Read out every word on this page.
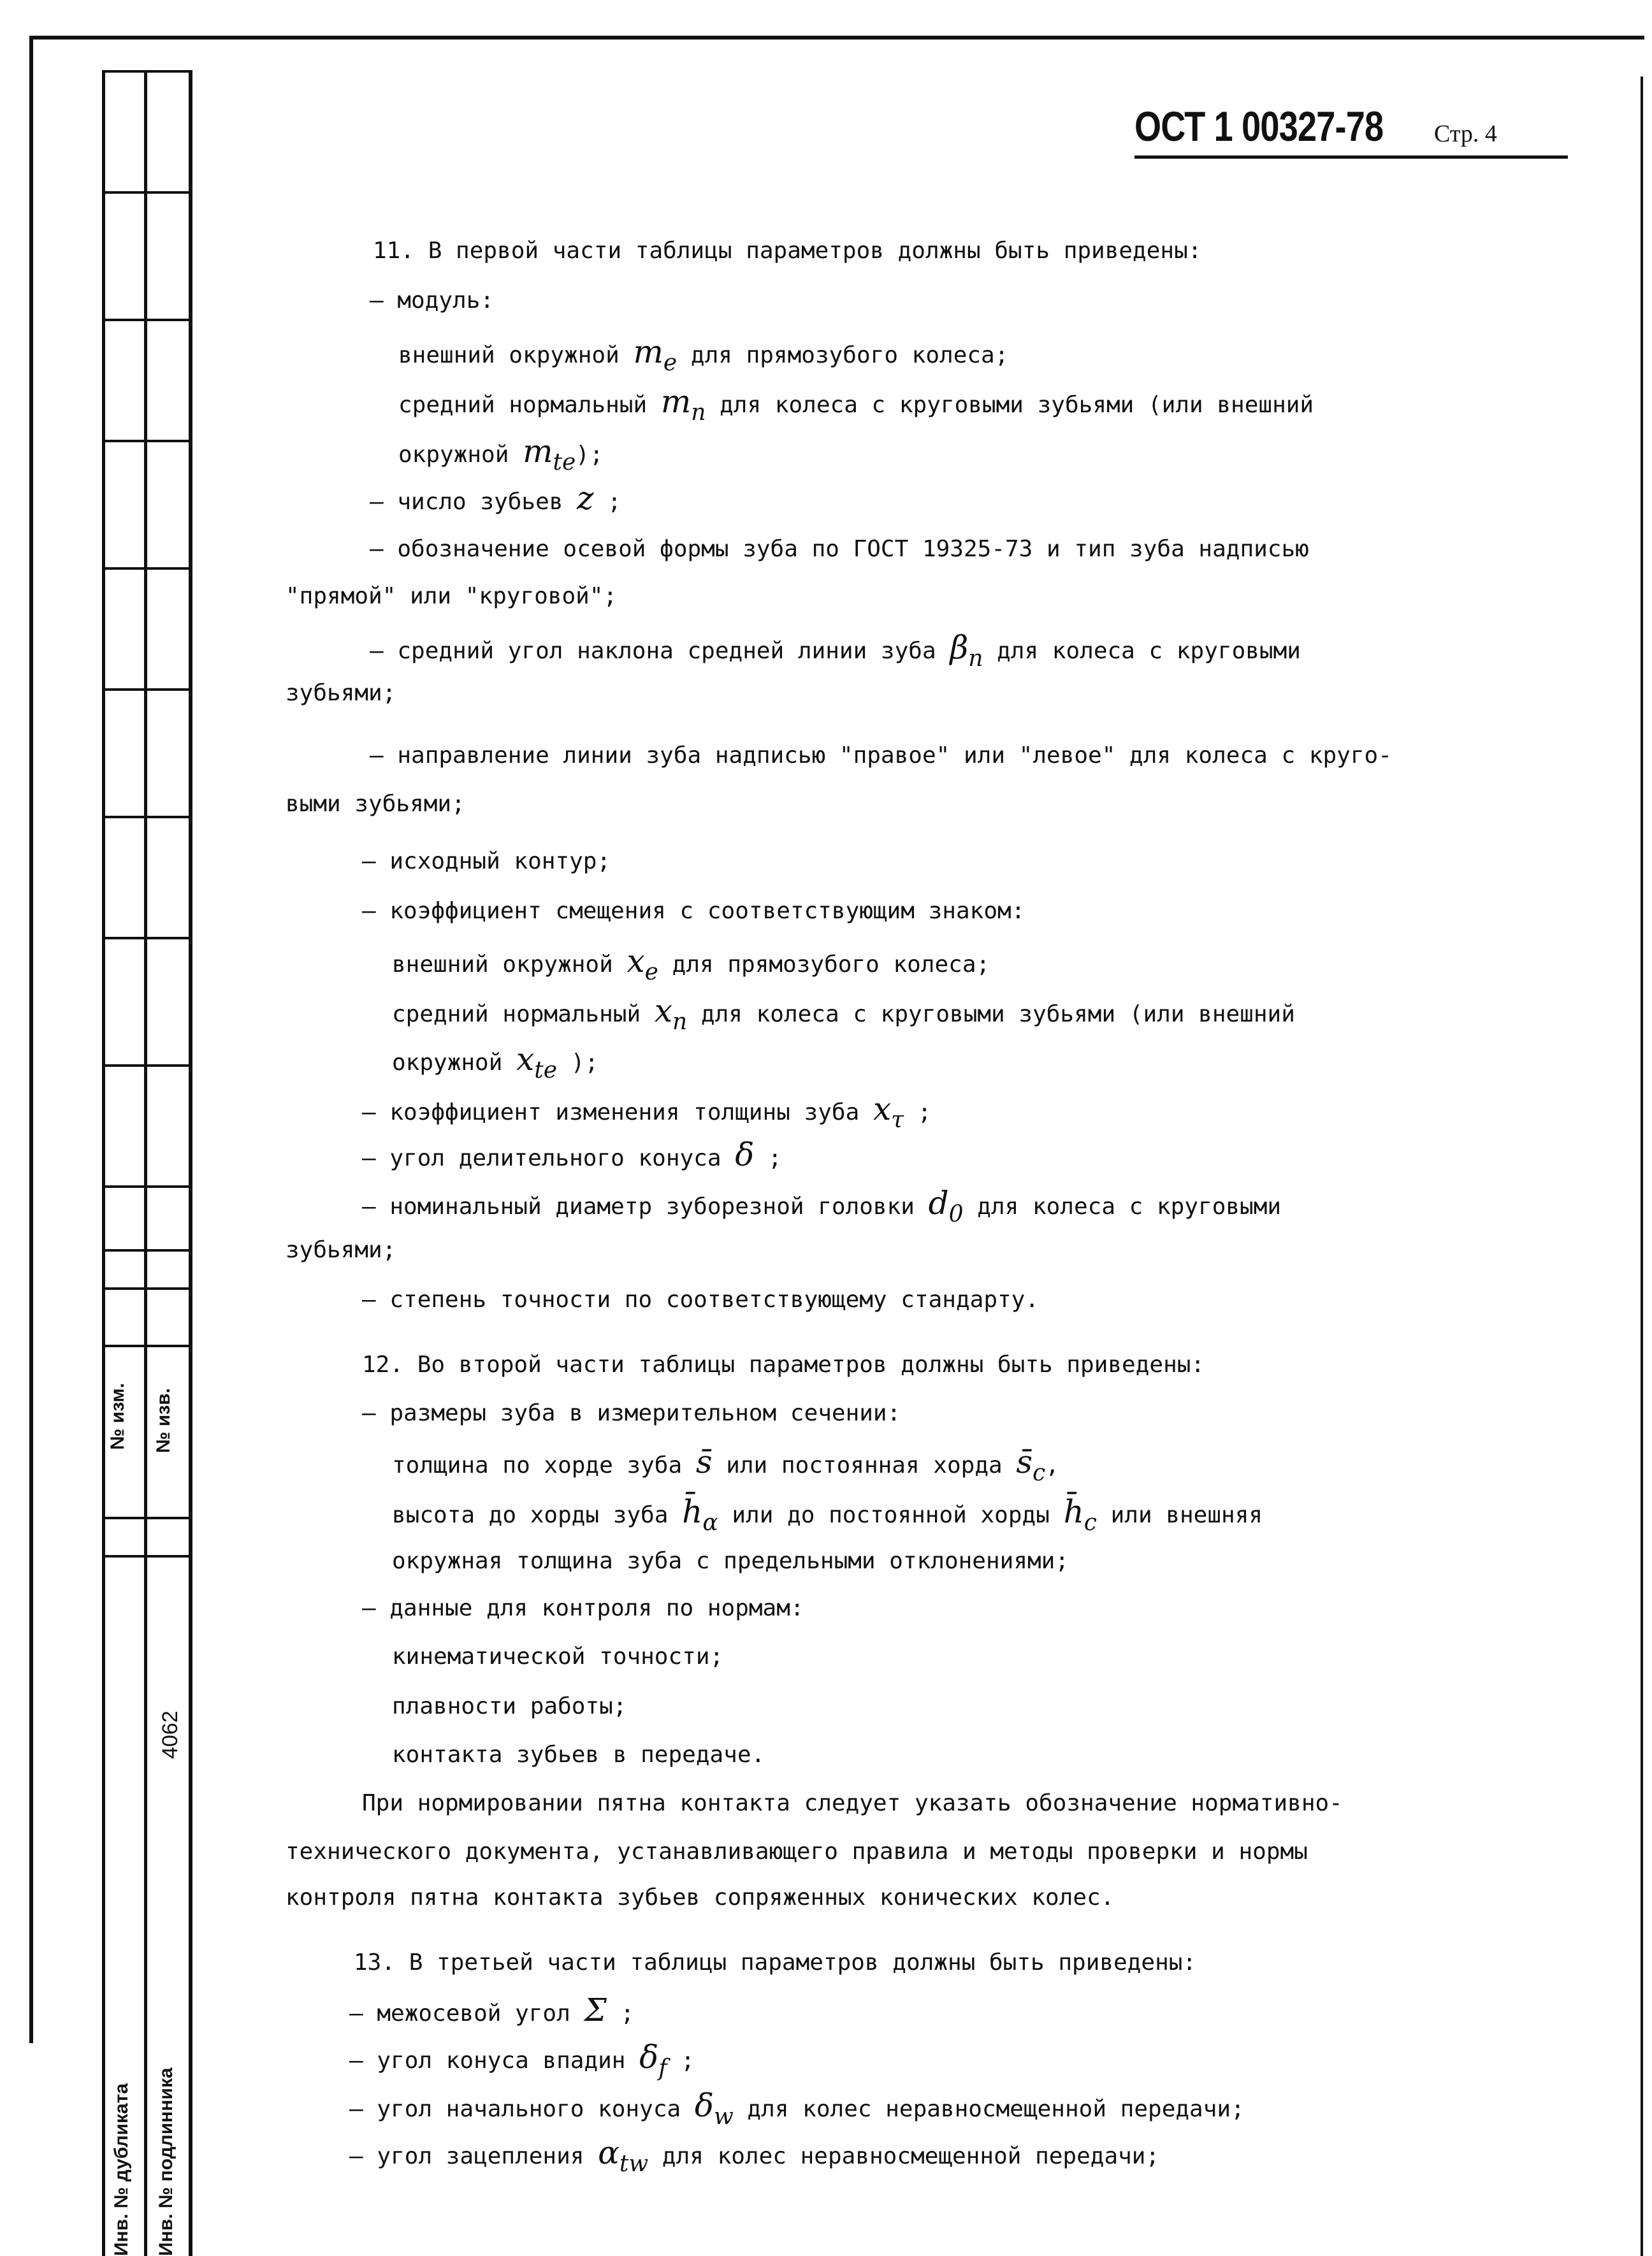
№ изм. № изв.
4062
Инв. № дубликата Инв. № подлинника
ОСТ 1 00327-78 Стр. 4
11. В первой части таблицы параметров должны быть приведены:
– модуль:
внешний окружной me для прямозубого колеса;
средний нормальный mn для колеса с круговыми зубьями (или внешний
окружной mte);
– число зубьев z ;
– обозначение осевой формы зуба по ГОСТ 19325-73 и тип зуба надписью
"прямой" или "круговой";
– средний угол наклона средней линии зуба βn для колеса с круговыми
зубьями;
– направление линии зуба надписью "правое" или "левое" для колеса с круго-
выми зубьями;
– исходный контур;
– коэффициент смещения с соответствующим знаком:
внешний окружной xe для прямозубого колеса;
средний нормальный xn для колеса с круговыми зубьями (или внешний
окружной xte );
– коэффициент изменения толщины зуба xτ ;
– угол делительного конуса δ ;
– номинальный диаметр зуборезной головки d0 для колеса с круговыми
зубьями;
– степень точности по соответствующему стандарту.
12. Во второй части таблицы параметров должны быть приведены:
– размеры зуба в измерительном сечении:
толщина по хорде зуба s̄ или постоянная хорда s̄c,
высота до хорды зуба h̄α или до постоянной хорды h̄c или внешняя
окружная толщина зуба с предельными отклонениями;
– данные для контроля по нормам:
кинематической точности;
плавности работы;
контакта зубьев в передаче.
При нормировании пятна контакта следует указать обозначение нормативно-
технического документа, устанавливающего правила и методы проверки и нормы
контроля пятна контакта зубьев сопряженных конических колес.
13. В третьей части таблицы параметров должны быть приведены:
– межосевой угол Σ ;
– угол конуса впадин δf ;
– угол начального конуса δw для колес неравносмещенной передачи;
– угол зацепления αtw для колес неравносмещенной передачи;
